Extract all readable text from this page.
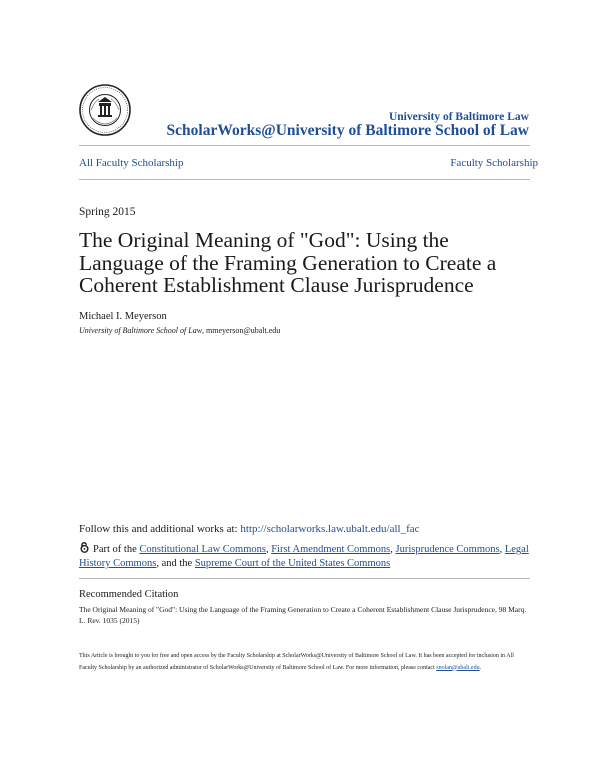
University of Baltimore Law
ScholarWorks@University of Baltimore School of Law
All Faculty Scholarship	Faculty Scholarship
Spring 2015
The Original Meaning of "God": Using the
Language of the Framing Generation to Create a
Coherent Establishment Clause Jurisprudence
Michael I. Meyerson
University of Baltimore School of Law, mmeyerson@ubalt.edu
Follow this and additional works at: http://scholarworks.law.ubalt.edu/all_fac
Part of the Constitutional Law Commons, First Amendment Commons, Jurisprudence Commons, Legal History Commons, and the Supreme Court of the United States Commons
Recommended Citation
The Original Meaning of "God": Using the Language of the Framing Generation to Create a Coherent Establishment Clause Jurisprudence, 98 Marq. L. Rev. 1035 (2015)
This Article is brought to you for free and open access by the Faculty Scholarship at ScholarWorks@University of Baltimore School of Law. It has been accepted for inclusion in All Faculty Scholarship by an authorized administrator of ScholarWorks@University of Baltimore School of Law. For more information, please contact snolan@ubalt.edu.
